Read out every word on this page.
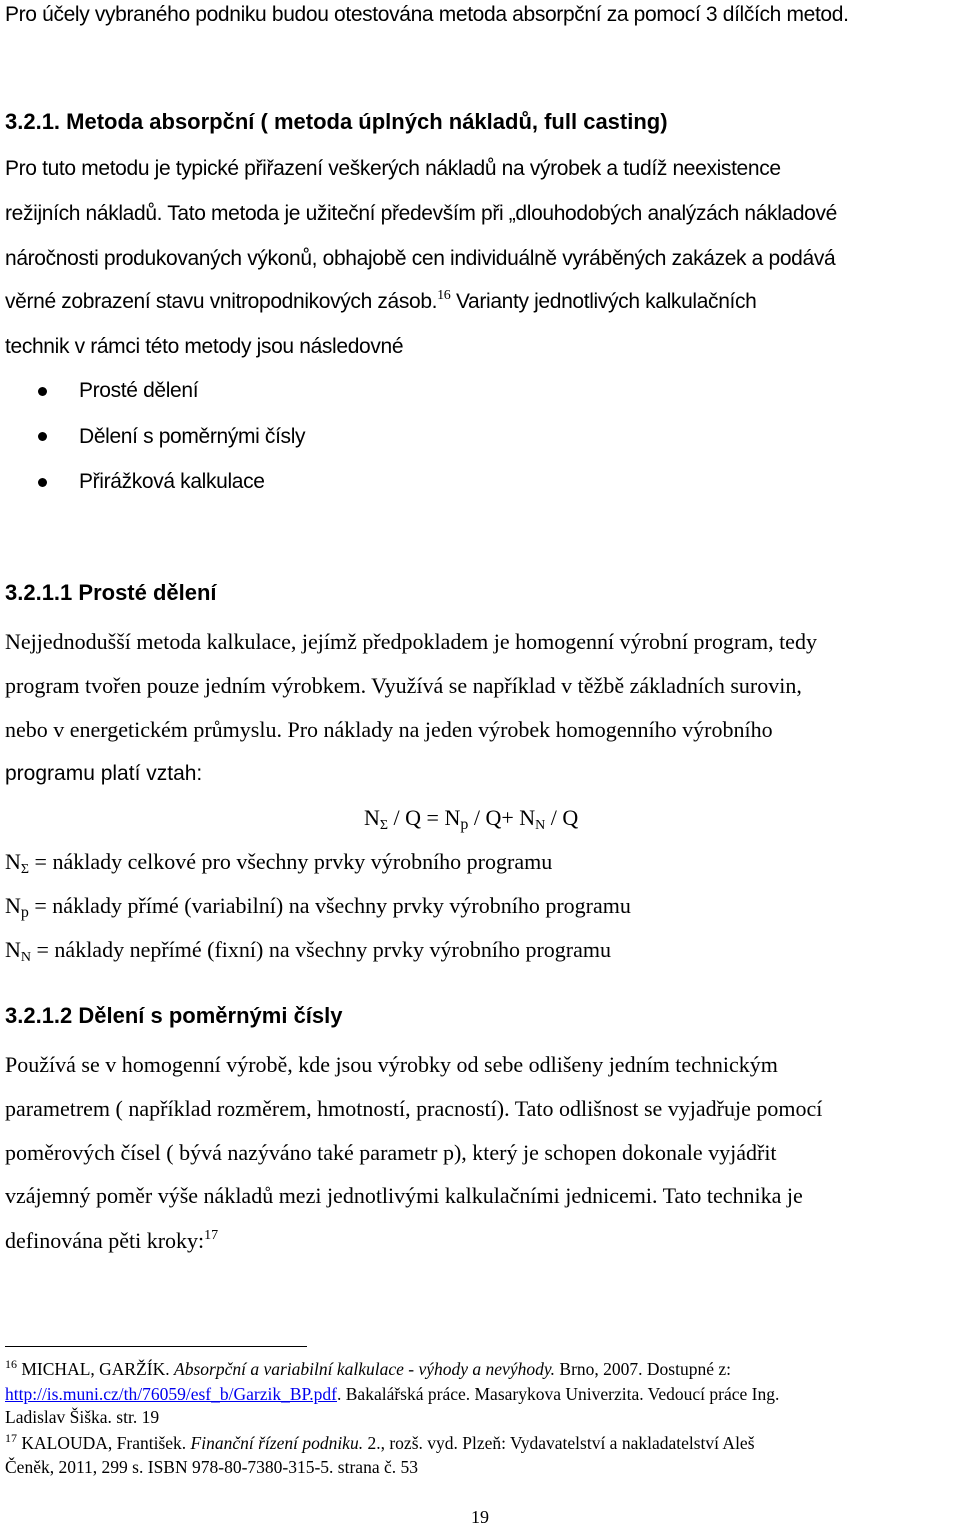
Pro účely vybraného podniku budou otestována metoda absorpční za pomocí 3 dílčích metod.
3.2.1. Metoda absorpční ( metoda úplných nákladů, full casting)
Pro tuto metodu je typické přiřazení veškerých nákladů na výrobek a tudíž neexistence
režijních nákladů. Tato metoda je užiteční především při „dlouhodobých analýzách nákladové
náročnosti produkovaných výkonů, obhajobě cen individuálně vyráběných zakázek a podává
věrné zobrazení stavu vnitropodnikových zásob.$^{16}$ Varianty jednotlivých kalkulačních
technik v rámci této metody jsou následovné
Prosté dělení
Dělení s poměrnými čísly
Přirážková kalkulace
3.2.1.1 Prosté dělení
Nejjednodušší metoda kalkulace, jejímž předpokladem je homogenní výrobní program, tedy
program tvořen pouze jedním výrobkem. Využívá se například v těžbě základních surovin,
nebo v energetickém průmyslu. Pro náklady na jeden výrobek homogenního výrobního
programu platí vztah:
$N_\Sigma / Q = N_p / Q+ N_N / Q$
$N_\Sigma$ = náklady celkové pro všechny prvky výrobního programu
$N_p$ = náklady přímé (variabilní) na všechny prvky výrobního programu
$N_N$ = náklady nepřímé (fixní) na všechny prvky výrobního programu
3.2.1.2 Dělení s poměrnými čísly
Používá se v homogenní výrobě, kde jsou výrobky od sebe odlišeny jedním technickým
parametrem ( například rozměrem, hmotností, pracností). Tato odlišnost se vyjadřuje pomocí
poměrových čísel ( bývá nazýváno také parametr p), který je schopen dokonale vyjádřit
vzájemný poměr výše nákladů mezi jednotlivými kalkulačními jednicemi. Tato technika je
definována pěti kroky:$^{17}$
$^{16}$ MICHAL, GARŽÍK. Absorpční a variabilní kalkulace - výhody a nevýhody. Brno, 2007. Dostupné z:
http://is.muni.cz/th/76059/esf_b/Garzik_BP.pdf. Bakalářská práce. Masarykova Univerzita. Vedoucí práce Ing.
Ladislav Šiška. str. 19
$^{17}$ KALOUDA, František. Finanční řízení podniku. 2., rozš. vyd. Plzeň: Vydavatelství a nakladatelství Aleš
Čeněk, 2011, 299 s. ISBN 978-80-7380-315-5. strana č. 53
19
